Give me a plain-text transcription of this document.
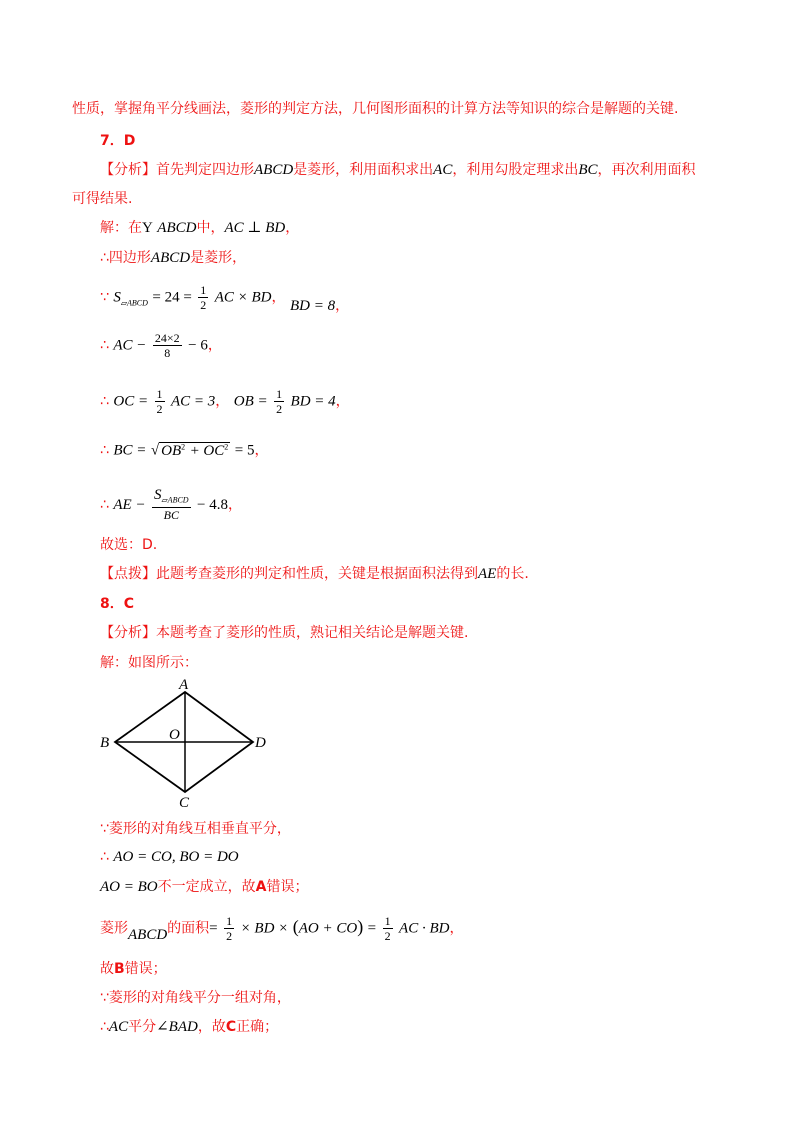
性质，掌握角平分线画法，菱形的判定方法，几何图形面积的计算方法等知识的综合是解题的关键.
7．D
【分析】首先判定四边形ABCD是菱形，利用面积求出AC，利用勾股定理求出BC，再次利用面积
可得结果.
解：在Y ABCD中，AC ⊥ BD，
∴四边形ABCD是菱形，
∵ $S_{▱ABCD} = 24 = \frac{1}{2}$ AC × BD， BD = 8，
∴ AC − $\frac{24\times 2}{8} - 6$，
∴ OC = $\frac{1}{2}$ AC = 3， OB = $\frac{1}{2}$ BD = 4，
∴ BC = √ $OB^2 + OC^2 = 5$，
∴ AE − $\frac{S_{▱ABCD}}{BC} - 4.8$，
故选：D.
【点拨】此题考查菱形的判定和性质，关键是根据面积法得到AE的长.
8．C
【分析】本题考查了菱形的性质，熟记相关结论是解题关键.
解：如图所示：
A
B
C
D
O
∵菱形的对角线互相垂直平分，
∴ AO = CO, BO = DO
AO = BO不一定成立，故A错误；
菱形ABCD的面积= $\frac{1}{2}$ × BD × $(AO + CO) = \frac{1}{2}$ AC · BD，
故B错误；
∵菱形的对角线平分一组对角，
∴AC平分∠BAD，故C正确；
